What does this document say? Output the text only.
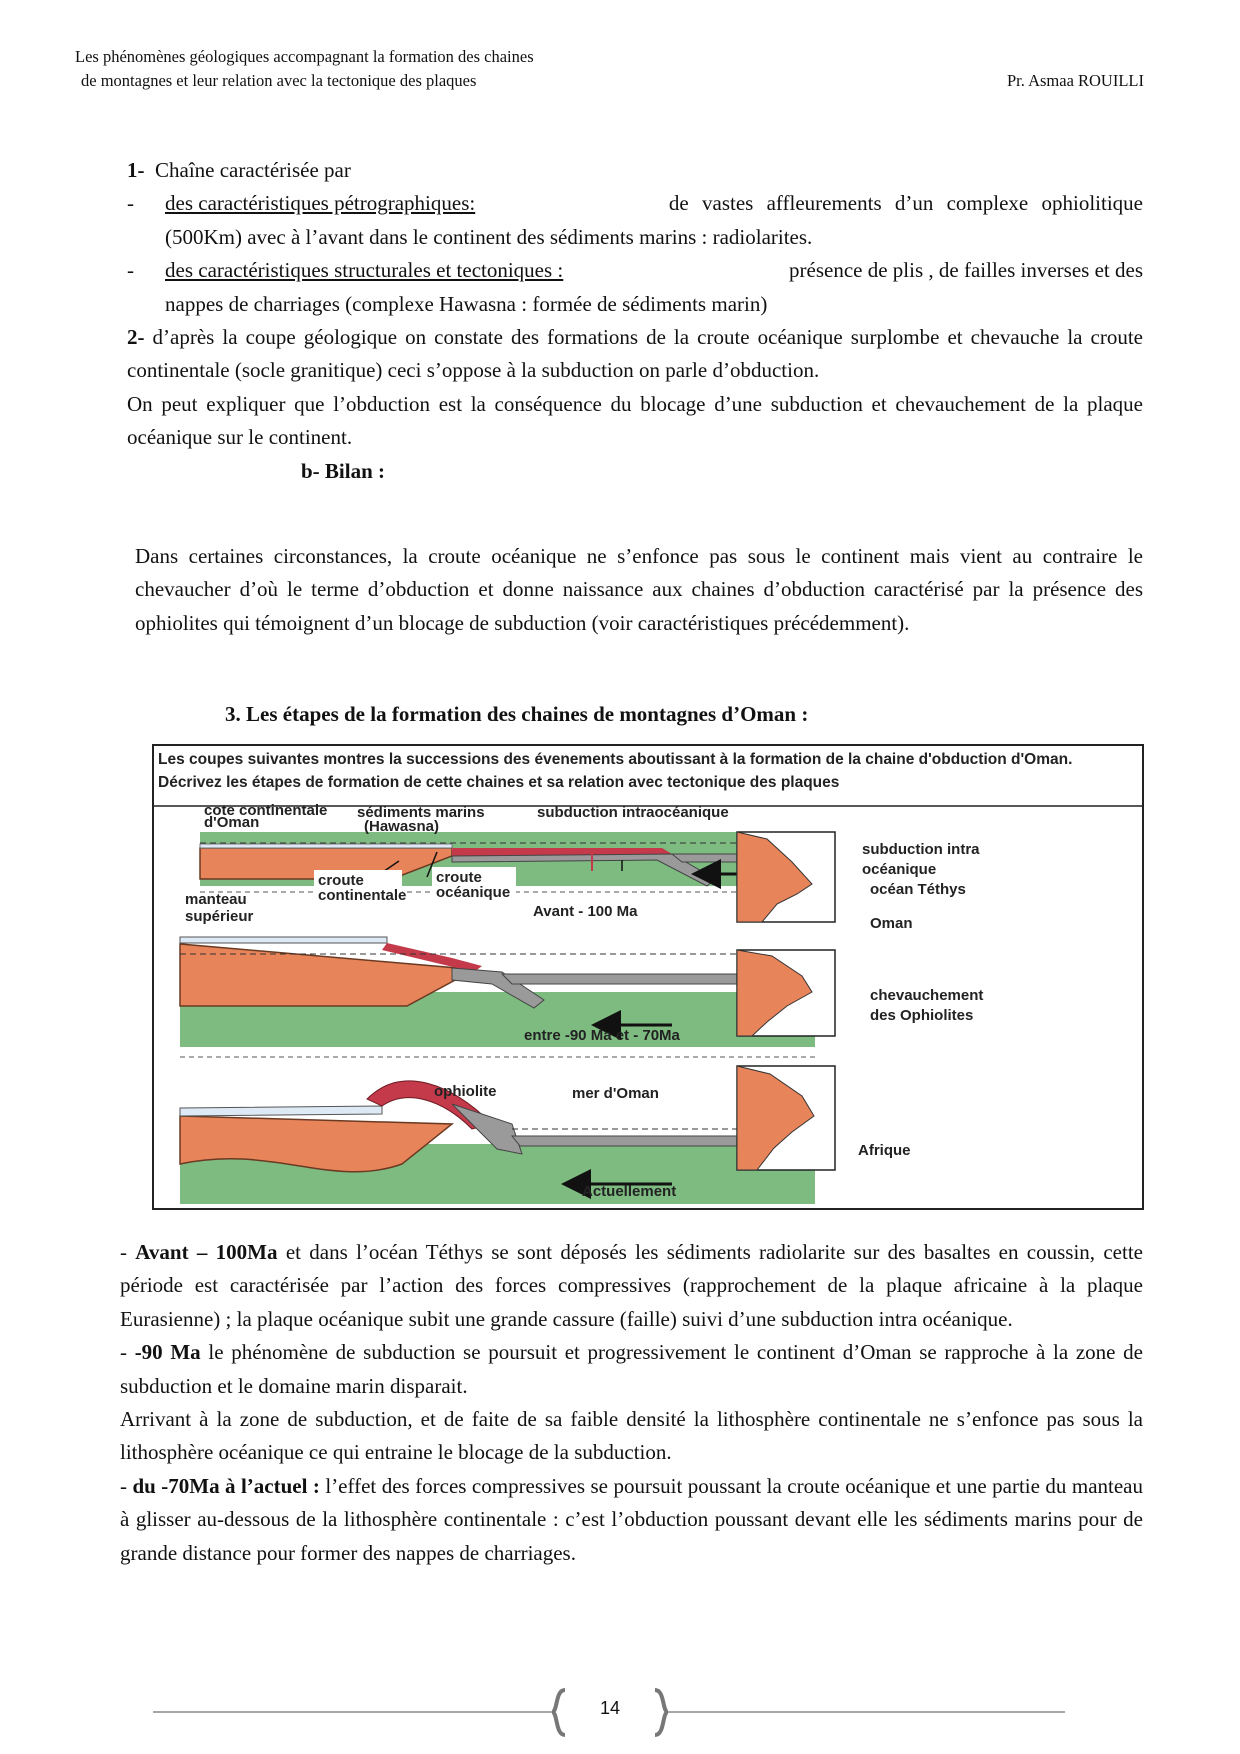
Les phénomènes géologiques accompagnant la formation des chaines
de montagnes et leur relation avec la tectonique des plaques	Pr. Asmaa ROUILLI
1- Chaîne caractérisée par
- des caractéristiques pétrographiques:	de vastes affleurements d’un complexe ophiolitique
(500Km) avec à l’avant dans le continent des sédiments marins : radiolarites.
- des caractéristiques structurales et tectoniques :	présence de plis , de failles inverses et des
nappes de charriages (complexe Hawasna : formée de sédiments marin)
2- d’après la coupe géologique on constate des formations de la croute océanique surplombe et chevauche la croute continentale (socle granitique) ceci s’oppose à la subduction on parle d’obduction.
On peut expliquer que l’obduction est la conséquence du blocage d’une subduction et chevauchement de la plaque océanique sur le continent.
b- Bilan :
Dans certaines circonstances, la croute océanique ne s’enfonce pas sous le continent mais vient au contraire le chevaucher d’où le terme d’obduction et donne naissance aux chaines d’obduction caractérisé par la présence des ophiolites qui témoignent d’un blocage de subduction (voir caractéristiques précédemment).
3. Les étapes de la formation des chaines de montagnes d’Oman :
Les coupes suivantes montres la successions des évenements aboutissant à la formation de la chaine d'obduction d'Oman. Décrivez les étapes de formation de cette chaines et sa relation avec tectonique des plaques
cote continentale
d'Oman
sédiments marins
(Hawasna)
subduction intraocéanique
croute
continentale
croute
océanique
manteau
supérieur	Avant - 100 Ma
entre -90 Ma et - 70Ma
ophiolite	mer d'Oman
Actuellement
subduction intra
océanique
océan Téthys
Oman
chevauchement
des Ophiolites
Afrique
- Avant – 100Ma et dans l’océan Téthys se sont déposés les sédiments radiolarite sur des basaltes en coussin, cette période est caractérisée par l’action des forces compressives (rapprochement de la plaque africaine à la plaque Eurasienne) ; la plaque océanique subit une grande cassure (faille) suivi d’une subduction intra océanique.
- -90 Ma le phénomène de subduction se poursuit et progressivement le continent d’Oman se rapproche à la zone de subduction et le domaine marin disparait.
Arrivant à la zone de subduction, et de faite de sa faible densité la lithosphère continentale ne s’enfonce pas sous la lithosphère océanique ce qui entraine le blocage de la subduction.
- du -70Ma à l’actuel : l’effet des forces compressives se poursuit poussant la croute océanique et une partie du manteau à glisser au-dessous de la lithosphère continentale : c’est l’obduction poussant devant elle les sédiments marins pour de grande distance pour former des nappes de charriages.
14
